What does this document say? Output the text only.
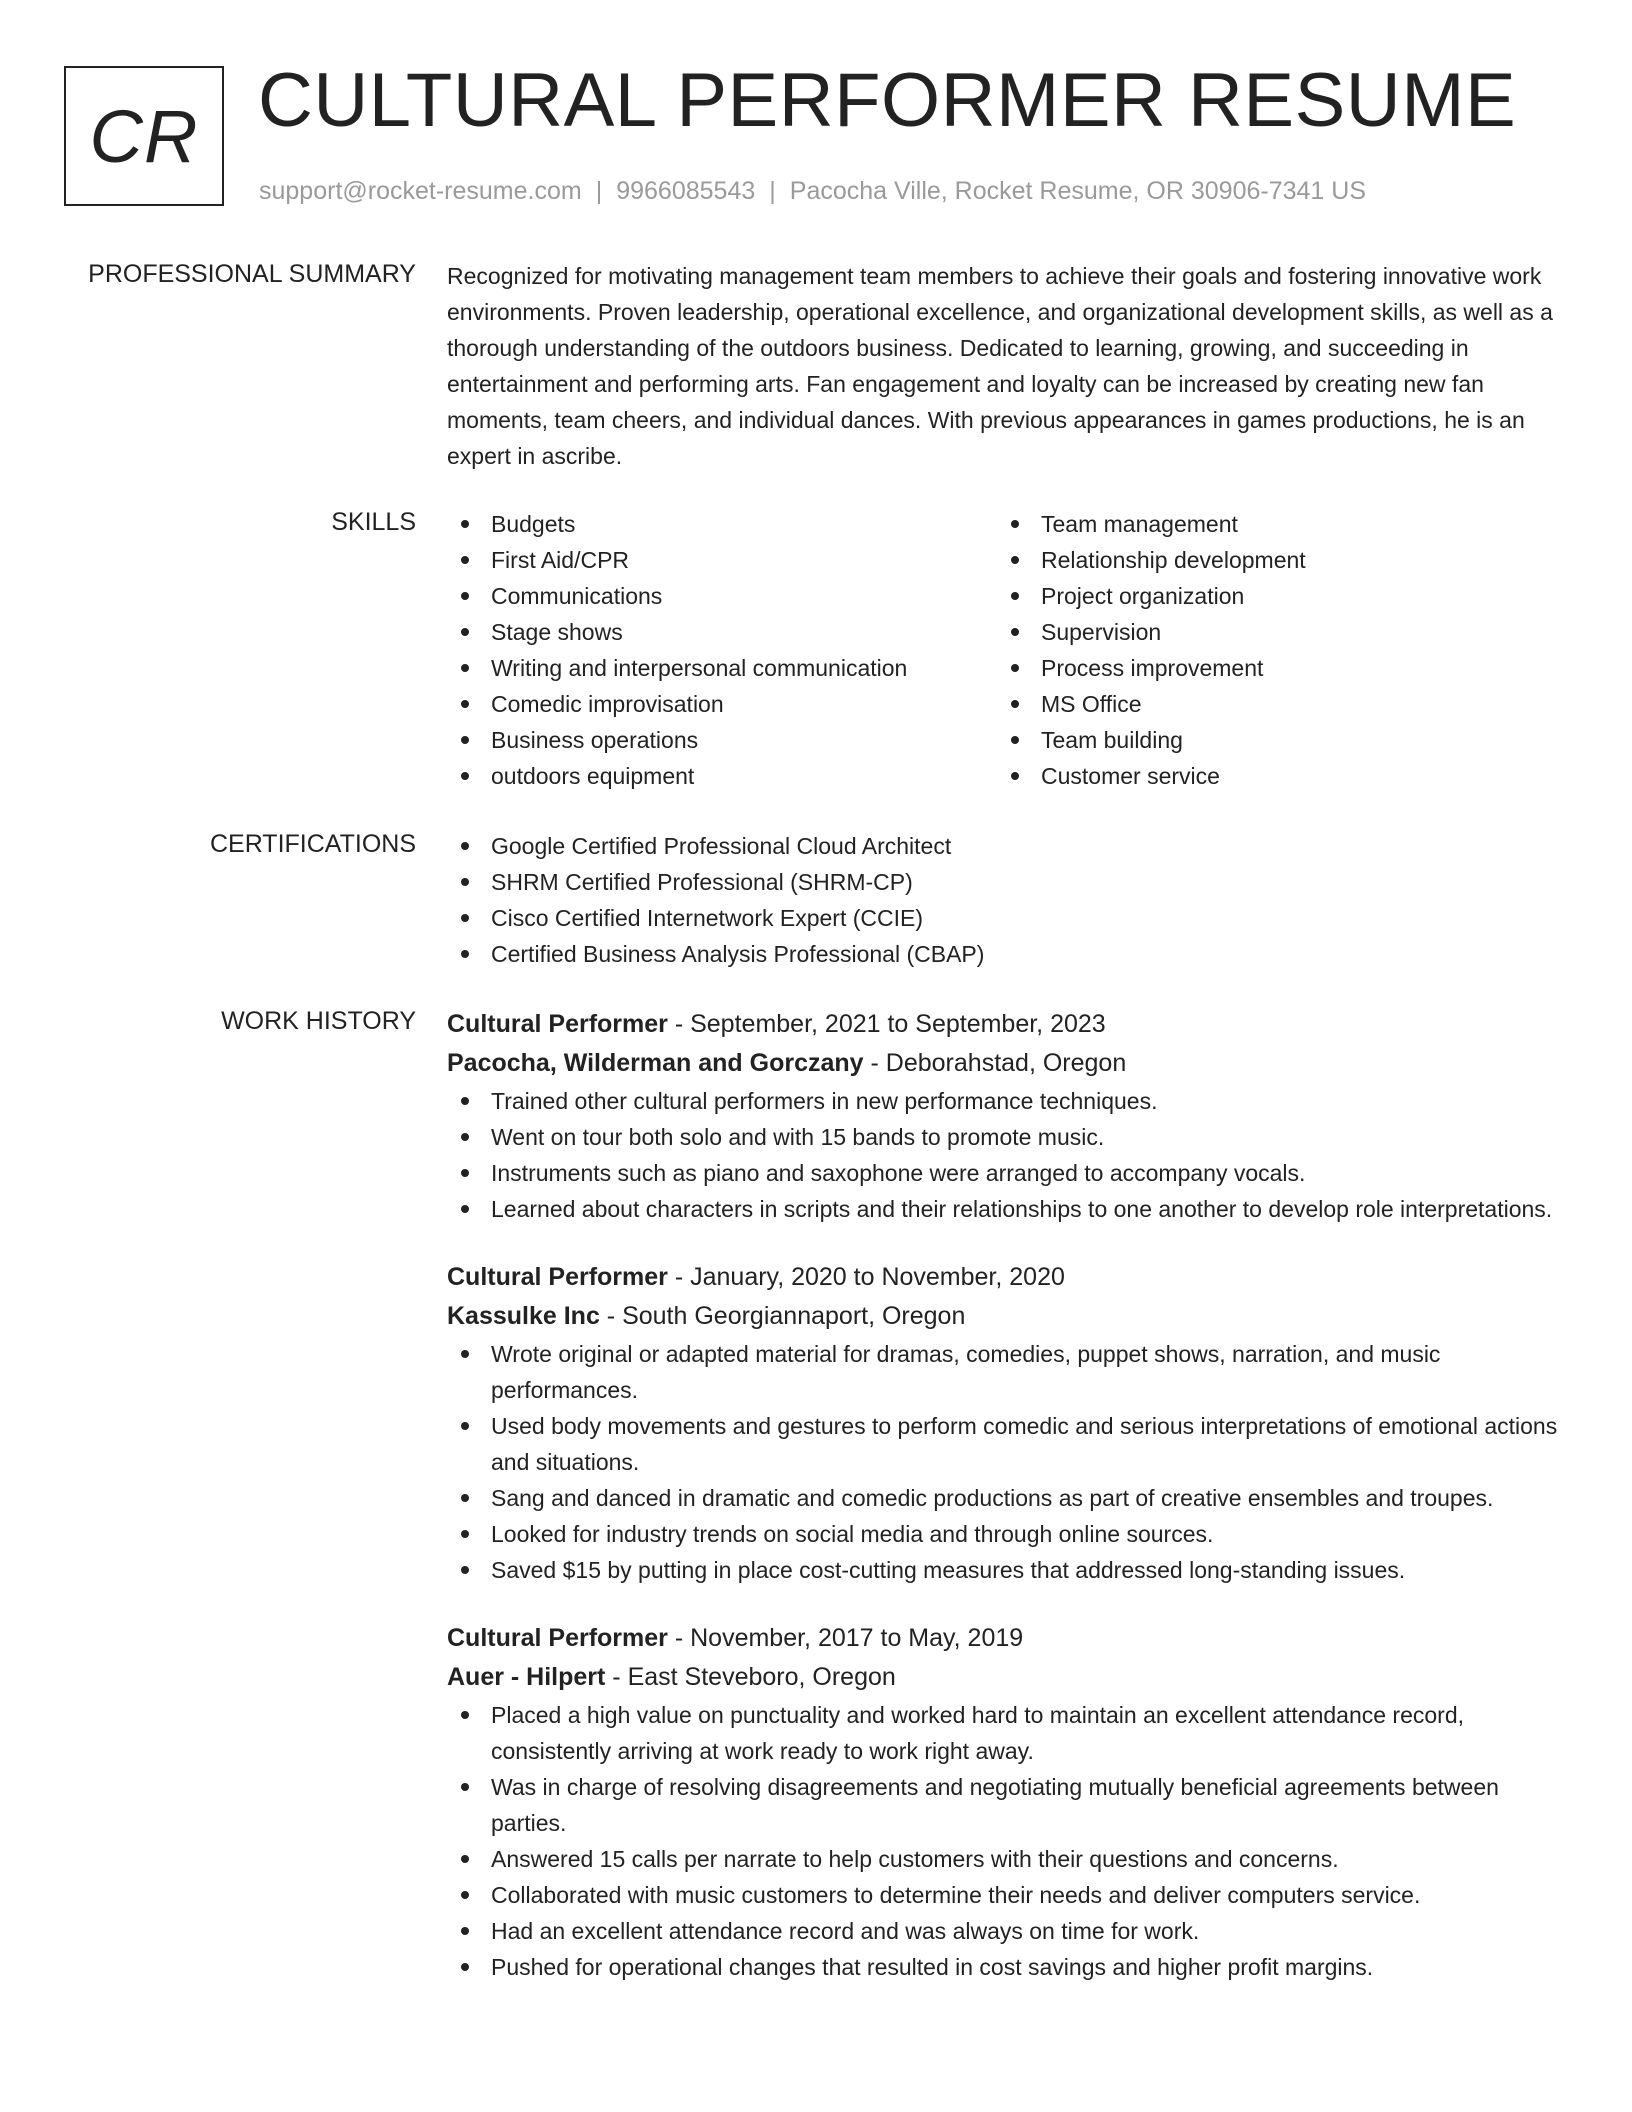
CR CULTURAL PERFORMER RESUME
support@rocket-resume.com | 9966085543 | Pacocha Ville, Rocket Resume, OR 30906-7341 US
PROFESSIONAL SUMMARY Recognized for motivating management team members to achieve their goals and fostering innovative work environments. Proven leadership, operational excellence, and organizational development skills, as well as a thorough understanding of the outdoors business. Dedicated to learning, growing, and succeeding in entertainment and performing arts. Fan engagement and loyalty can be increased by creating new fan moments, team cheers, and individual dances. With previous appearances in games productions, he is an expert in ascribe.

SKILLS	Budgets
First Aid/CPR
Communications
Stage shows
Writing and interpersonal communication
Comedic improvisation
Business operations
outdoors equipment
Team management
Relationship development
Project organization
Supervision
Process improvement
MS Office
Team building
Customer service
CERTIFICATIONS	Google Certified Professional Cloud Architect
SHRM Certified Professional (SHRM-CP)
Cisco Certified Internetwork Expert (CCIE)
Certified Business Analysis Professional (CBAP)
WORK HISTORY Cultural Performer - September, 2021 to September, 2023
Pacocha, Wilderman and Gorczany - Deborahstad, Oregon
Trained other cultural performers in new performance techniques.
Went on tour both solo and with 15 bands to promote music.
Instruments such as piano and saxophone were arranged to accompany vocals.
Learned about characters in scripts and their relationships to one another to develop role interpretations.
Cultural Performer - January, 2020 to November, 2020
Kassulke Inc - South Georgiannaport, Oregon
Wrote original or adapted material for dramas, comedies, puppet shows, narration, and music performances.
Used body movements and gestures to perform comedic and serious interpretations of emotional actions and situations.
Sang and danced in dramatic and comedic productions as part of creative ensembles and troupes.
Looked for industry trends on social media and through online sources.
Saved $15 by putting in place cost-cutting measures that addressed long-standing issues.
Cultural Performer - November, 2017 to May, 2019
Auer - Hilpert - East Steveboro, Oregon
Placed a high value on punctuality and worked hard to maintain an excellent attendance record, consistently arriving at work ready to work right away.
Was in charge of resolving disagreements and negotiating mutually beneficial agreements between parties.
Answered 15 calls per narrate to help customers with their questions and concerns.
Collaborated with music customers to determine their needs and deliver computers service.
Had an excellent attendance record and was always on time for work.
Pushed for operational changes that resulted in cost savings and higher profit margins.
